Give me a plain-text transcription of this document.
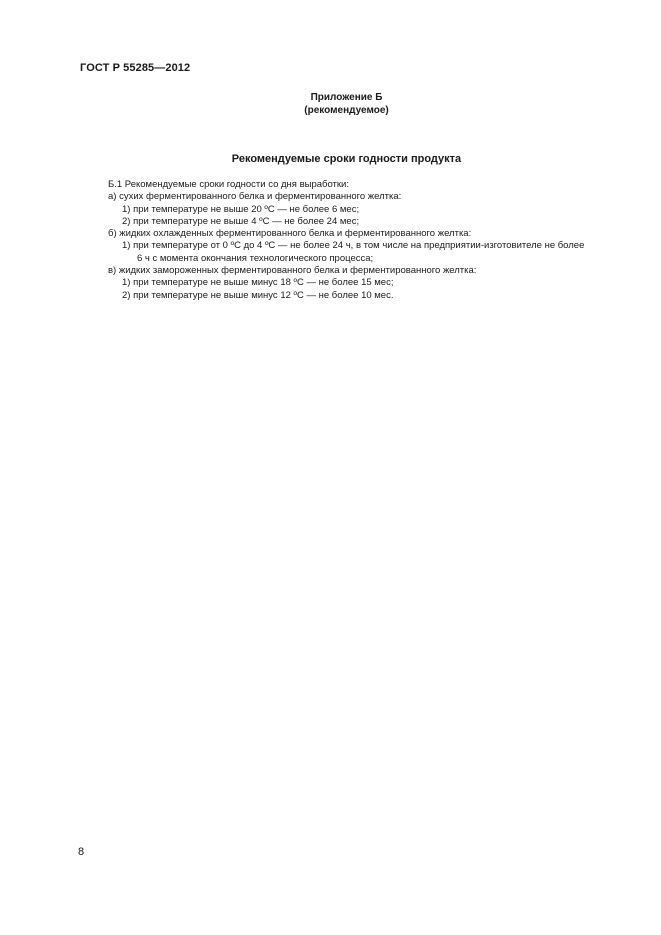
ГОСТ Р 55285—2012
Приложение Б
(рекомендуемое)
Рекомендуемые сроки годности продукта
Б.1 Рекомендуемые сроки годности со дня выработки:
а) сухих ферментированного белка и ферментированного желтка:
1) при температуре не выше 20 ºС — не более 6 мес;
2) при температуре не выше 4 ºС — не более 24 мес;
б) жидких охлажденных ферментированного белка и ферментированного желтка:
1) при температуре от 0 ºС до 4 ºС — не более 24 ч, в том числе на предприятии-изготовителе не более
6 ч с момента окончания технологического процесса;
в) жидких замороженных ферментированного белка и ферментированного желтка:
1) при температуре не выше минус 18 ºС — не более 15 мес;
2) при температуре не выше минус 12 ºС — не более 10 мес.
8
